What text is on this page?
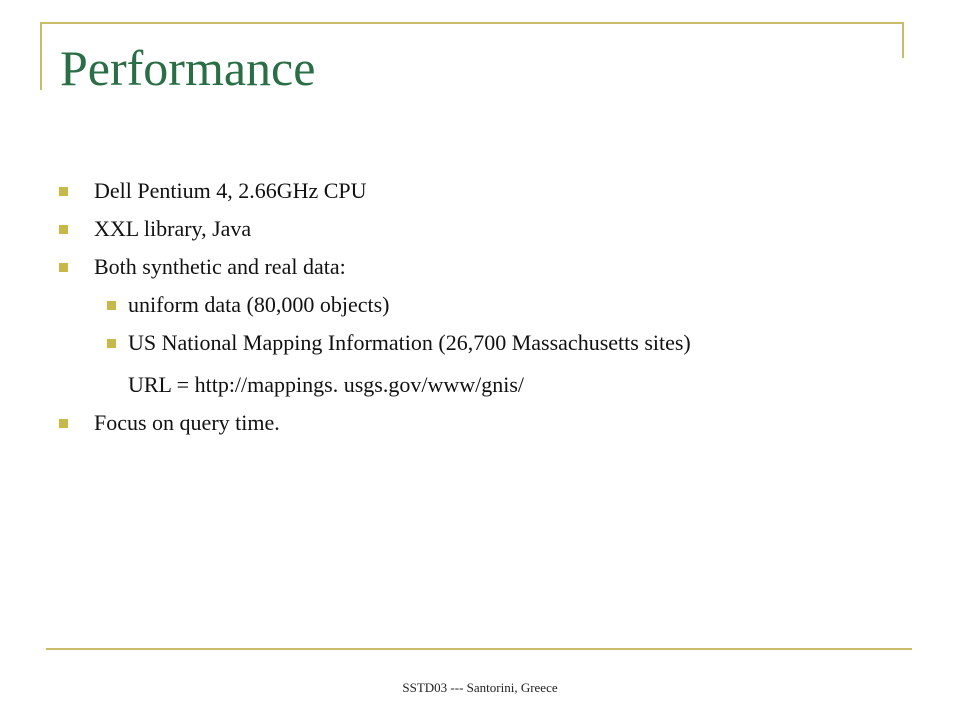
Performance
Dell Pentium 4, 2.66GHz CPU
XXL library, Java
Both synthetic and real data:
uniform data (80,000 objects)
US National Mapping Information (26,700 Massachusetts sites)
URL = http://mappings. usgs.gov/www/gnis/
Focus on query time.
SSTD03 --- Santorini, Greece
